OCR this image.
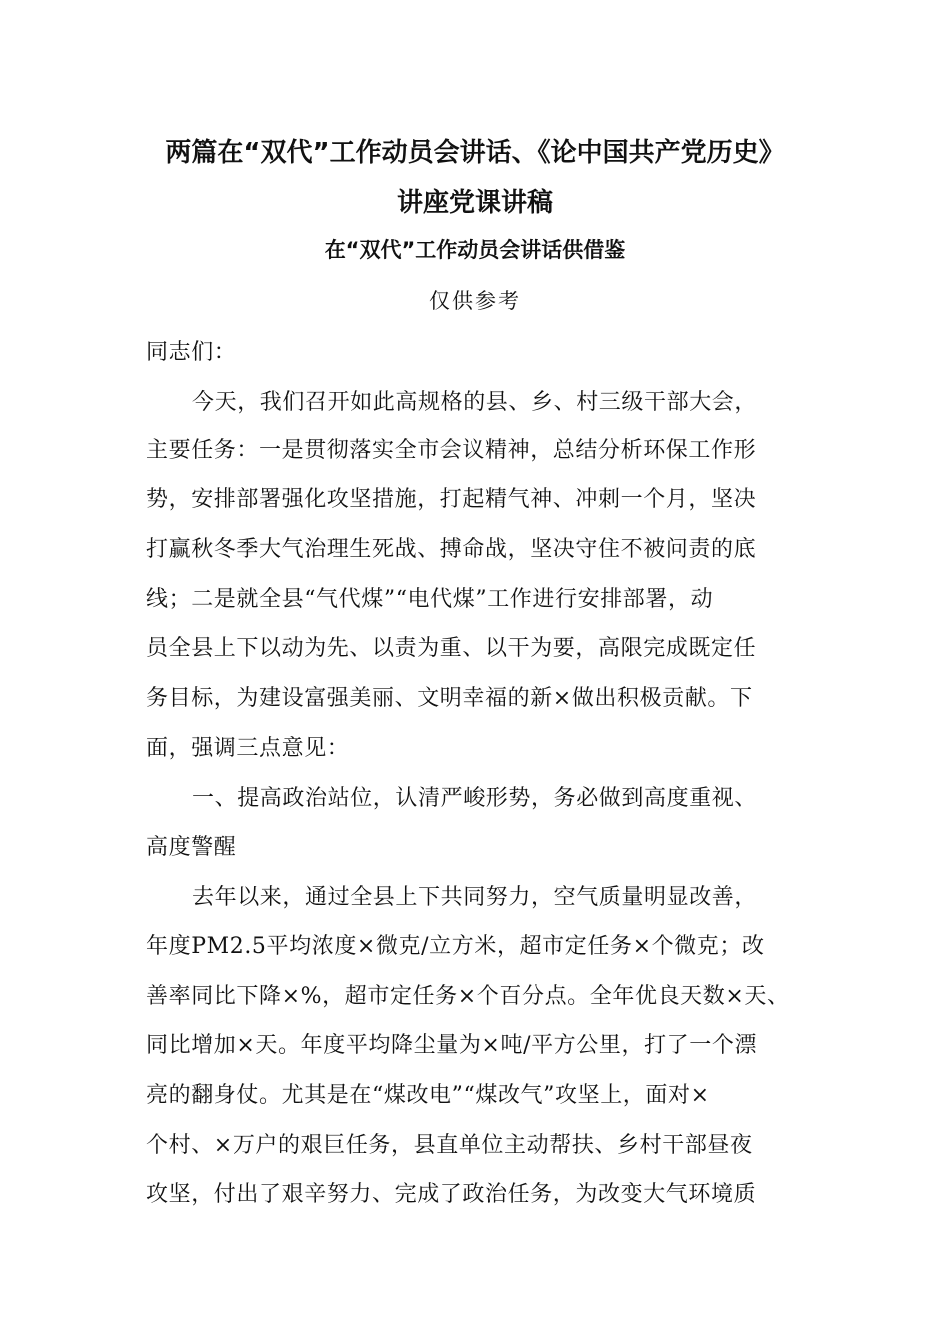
两篇在“双代”工作动员会讲话、《论中国共产党历史》
讲座党课讲稿
在“双代”工作动员会讲话供借鉴

仅供参考

同志们：

今天，我们召开如此高规格的县、乡、村三级干部大会，

主要任务：一是贯彻落实全市会议精神，总结分析环保工作形

势，安排部署强化攻坚措施，打起精气神、冲刺一个月，坚决

打赢秋冬季大气治理生死战、搏命战，坚决守住不被问责的底

线；二是就全县“气代煤”“电代煤”工作进行安排部署，动

员全县上下以动为先、以责为重、以干为要，高限完成既定任

务目标，为建设富强美丽、文明幸福的新×做出积极贡献。下

面，强调三点意见：

一、提高政治站位，认清严峻形势，务必做到高度重视、

高度警醒

去年以来，通过全县上下共同努力，空气质量明显改善，

年度PM2.5平均浓度×微克/立方米，超市定任务×个微克；改

善率同比下降×%，超市定任务×个百分点。全年优良天数×天、

同比增加×天。年度平均降尘量为×吨/平方公里，打了一个漂

亮的翻身仗。尤其是在“煤改电”“煤改气”攻坚上，面对×

个村、×万户的艰巨任务，县直单位主动帮扶、乡村干部昼夜

攻坚，付出了艰辛努力、完成了政治任务，为改变大气环境质
